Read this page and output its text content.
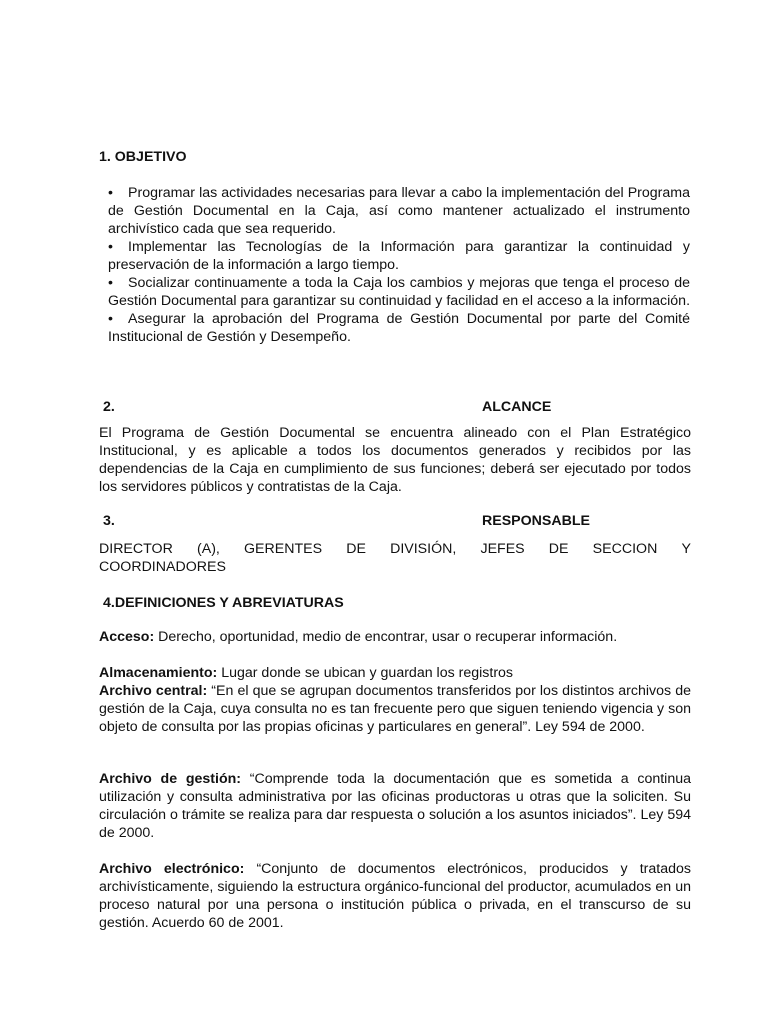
1. OBJETIVO

• Programar las actividades necesarias para llevar a cabo la implementación del Programa de Gestión Documental en la Caja, así como mantener actualizado el instrumento archivístico cada que sea requerido.

• Implementar las Tecnologías de la Información para garantizar la continuidad y preservación de la información a largo tiempo.

• Socializar continuamente a toda la Caja los cambios y mejoras que tenga el proceso de Gestión Documental para garantizar su continuidad y facilidad en el acceso a la información.

• Asegurar la aprobación del Programa de Gestión Documental por parte del Comité Institucional de Gestión y Desempeño.

2.	ALCANCE

El Programa de Gestión Documental se encuentra alineado con el Plan Estratégico Institucional, y es aplicable a todos los documentos generados y recibidos por las dependencias de la Caja en cumplimiento de sus funciones; deberá ser ejecutado por todos los servidores públicos y contratistas de la Caja.

3.	RESPONSABLE
DIRECTOR (A), GERENTES DE DIVISIÓN, JEFES DE SECCION Y
COORDINADORES
4.DEFINICIONES Y ABREVIATURAS

Acceso: Derecho, oportunidad, medio de encontrar, usar o recuperar información.

Almacenamiento: Lugar donde se ubican y guardan los registros

Archivo central: “En el que se agrupan documentos transferidos por los distintos archivos de gestión de la Caja, cuya consulta no es tan frecuente pero que siguen teniendo vigencia y son objeto de consulta por las propias oficinas y particulares en general”. Ley 594 de 2000.

Archivo de gestión: “Comprende toda la documentación que es sometida a continua utilización y consulta administrativa por las oficinas productoras u otras que la soliciten. Su circulación o trámite se realiza para dar respuesta o solución a los asuntos iniciados”. Ley 594 de 2000.

Archivo electrónico: “Conjunto de documentos electrónicos, producidos y tratados archivísticamente, siguiendo la estructura orgánico-funcional del productor, acumulados en un proceso natural por una persona o institución pública o privada, en el transcurso de su gestión. Acuerdo 60 de 2001.
